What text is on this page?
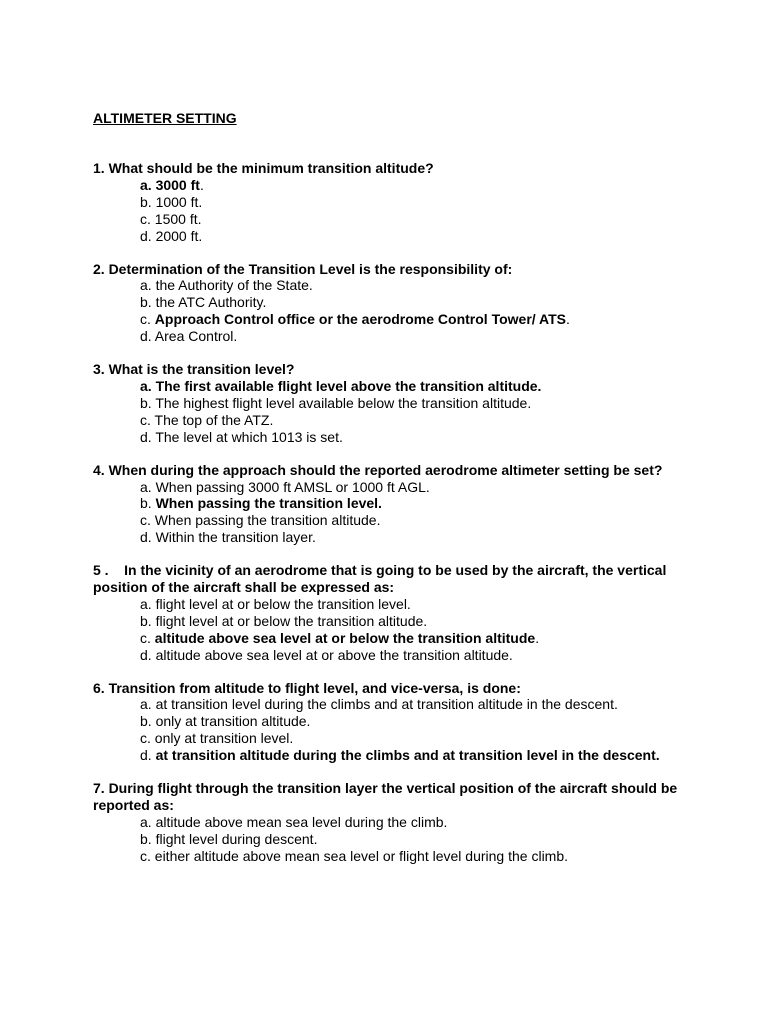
ALTIMETER SETTING
1. What should be the minimum transition altitude?
a. 3000 ft.
b. 1000 ft.
c. 1500 ft.
d. 2000 ft.
2. Determination of the Transition Level is the responsibility of:
a. the Authority of the State.
b. the ATC Authority.
c. Approach Control office or the aerodrome Control Tower/ ATS.
d. Area Control.
3. What is the transition level?
a. The first available flight level above the transition altitude.
b. The highest flight level available below the transition altitude.
c. The top of the ATZ.
d. The level at which 1013 is set.
4. When during the approach should the reported aerodrome altimeter setting be set?
a. When passing 3000 ft AMSL or 1000 ft AGL.
b. When passing the transition level.
c. When passing the transition altitude.
d. Within the transition layer.
5 .    In the vicinity of an aerodrome that is going to be used by the aircraft, the vertical position of the aircraft shall be expressed as:
a. flight level at or below the transition level.
b. flight level at or below the transition altitude.
c. altitude above sea level at or below the transition altitude.
d. altitude above sea level at or above the transition altitude.
6. Transition from altitude to flight level, and vice-versa, is done:
a. at transition level during the climbs and at transition altitude in the descent.
b. only at transition altitude.
c. only at transition level.
d. at transition altitude during the climbs and at transition level in the descent.
7. During flight through the transition layer the vertical position of the aircraft should be reported as:
a. altitude above mean sea level during the climb.
b. flight level during descent.
c. either altitude above mean sea level or flight level during the climb.
